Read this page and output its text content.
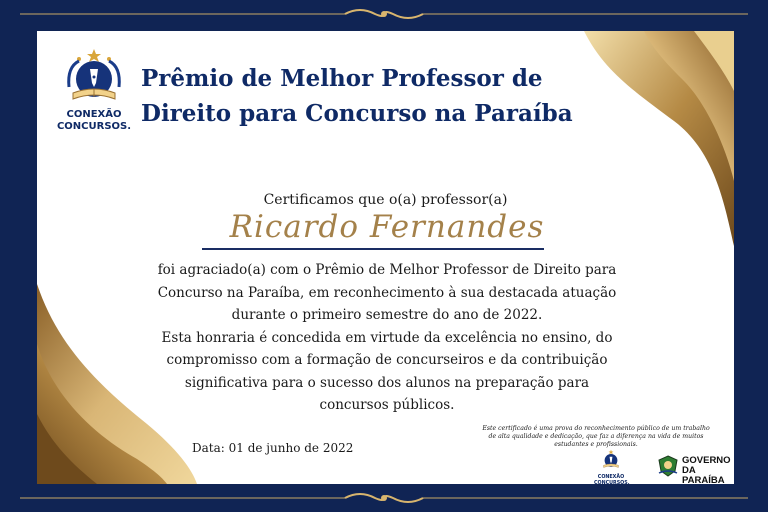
CONEXÃO
CONCURSOS.
Prêmio de Melhor Professor de
Direito para Concurso na Paraíba
Certificamos que o(a) professor(a)
Ricardo Fernandes
foi agraciado(a) com o Prêmio de Melhor Professor de Direito para
Concurso na Paraíba, em reconhecimento à sua destacada atuação
durante o primeiro semestre do ano de 2022.
Esta honraria é concedida em virtude da excelência no ensino, do
compromisso com a formação de concurseiros e da contribuição
significativa para o sucesso dos alunos na preparação para
concursos públicos.
Data: 01 de junho de 2022
Este certificado é uma prova do reconhecimento público de um trabalho
de alta qualidade e dedicação, que faz a diferença na vida de muitos
estudantes e profissionais.
CONEXÃO
CONCURSOS.
GOVERNO
DA PARAÍBA
